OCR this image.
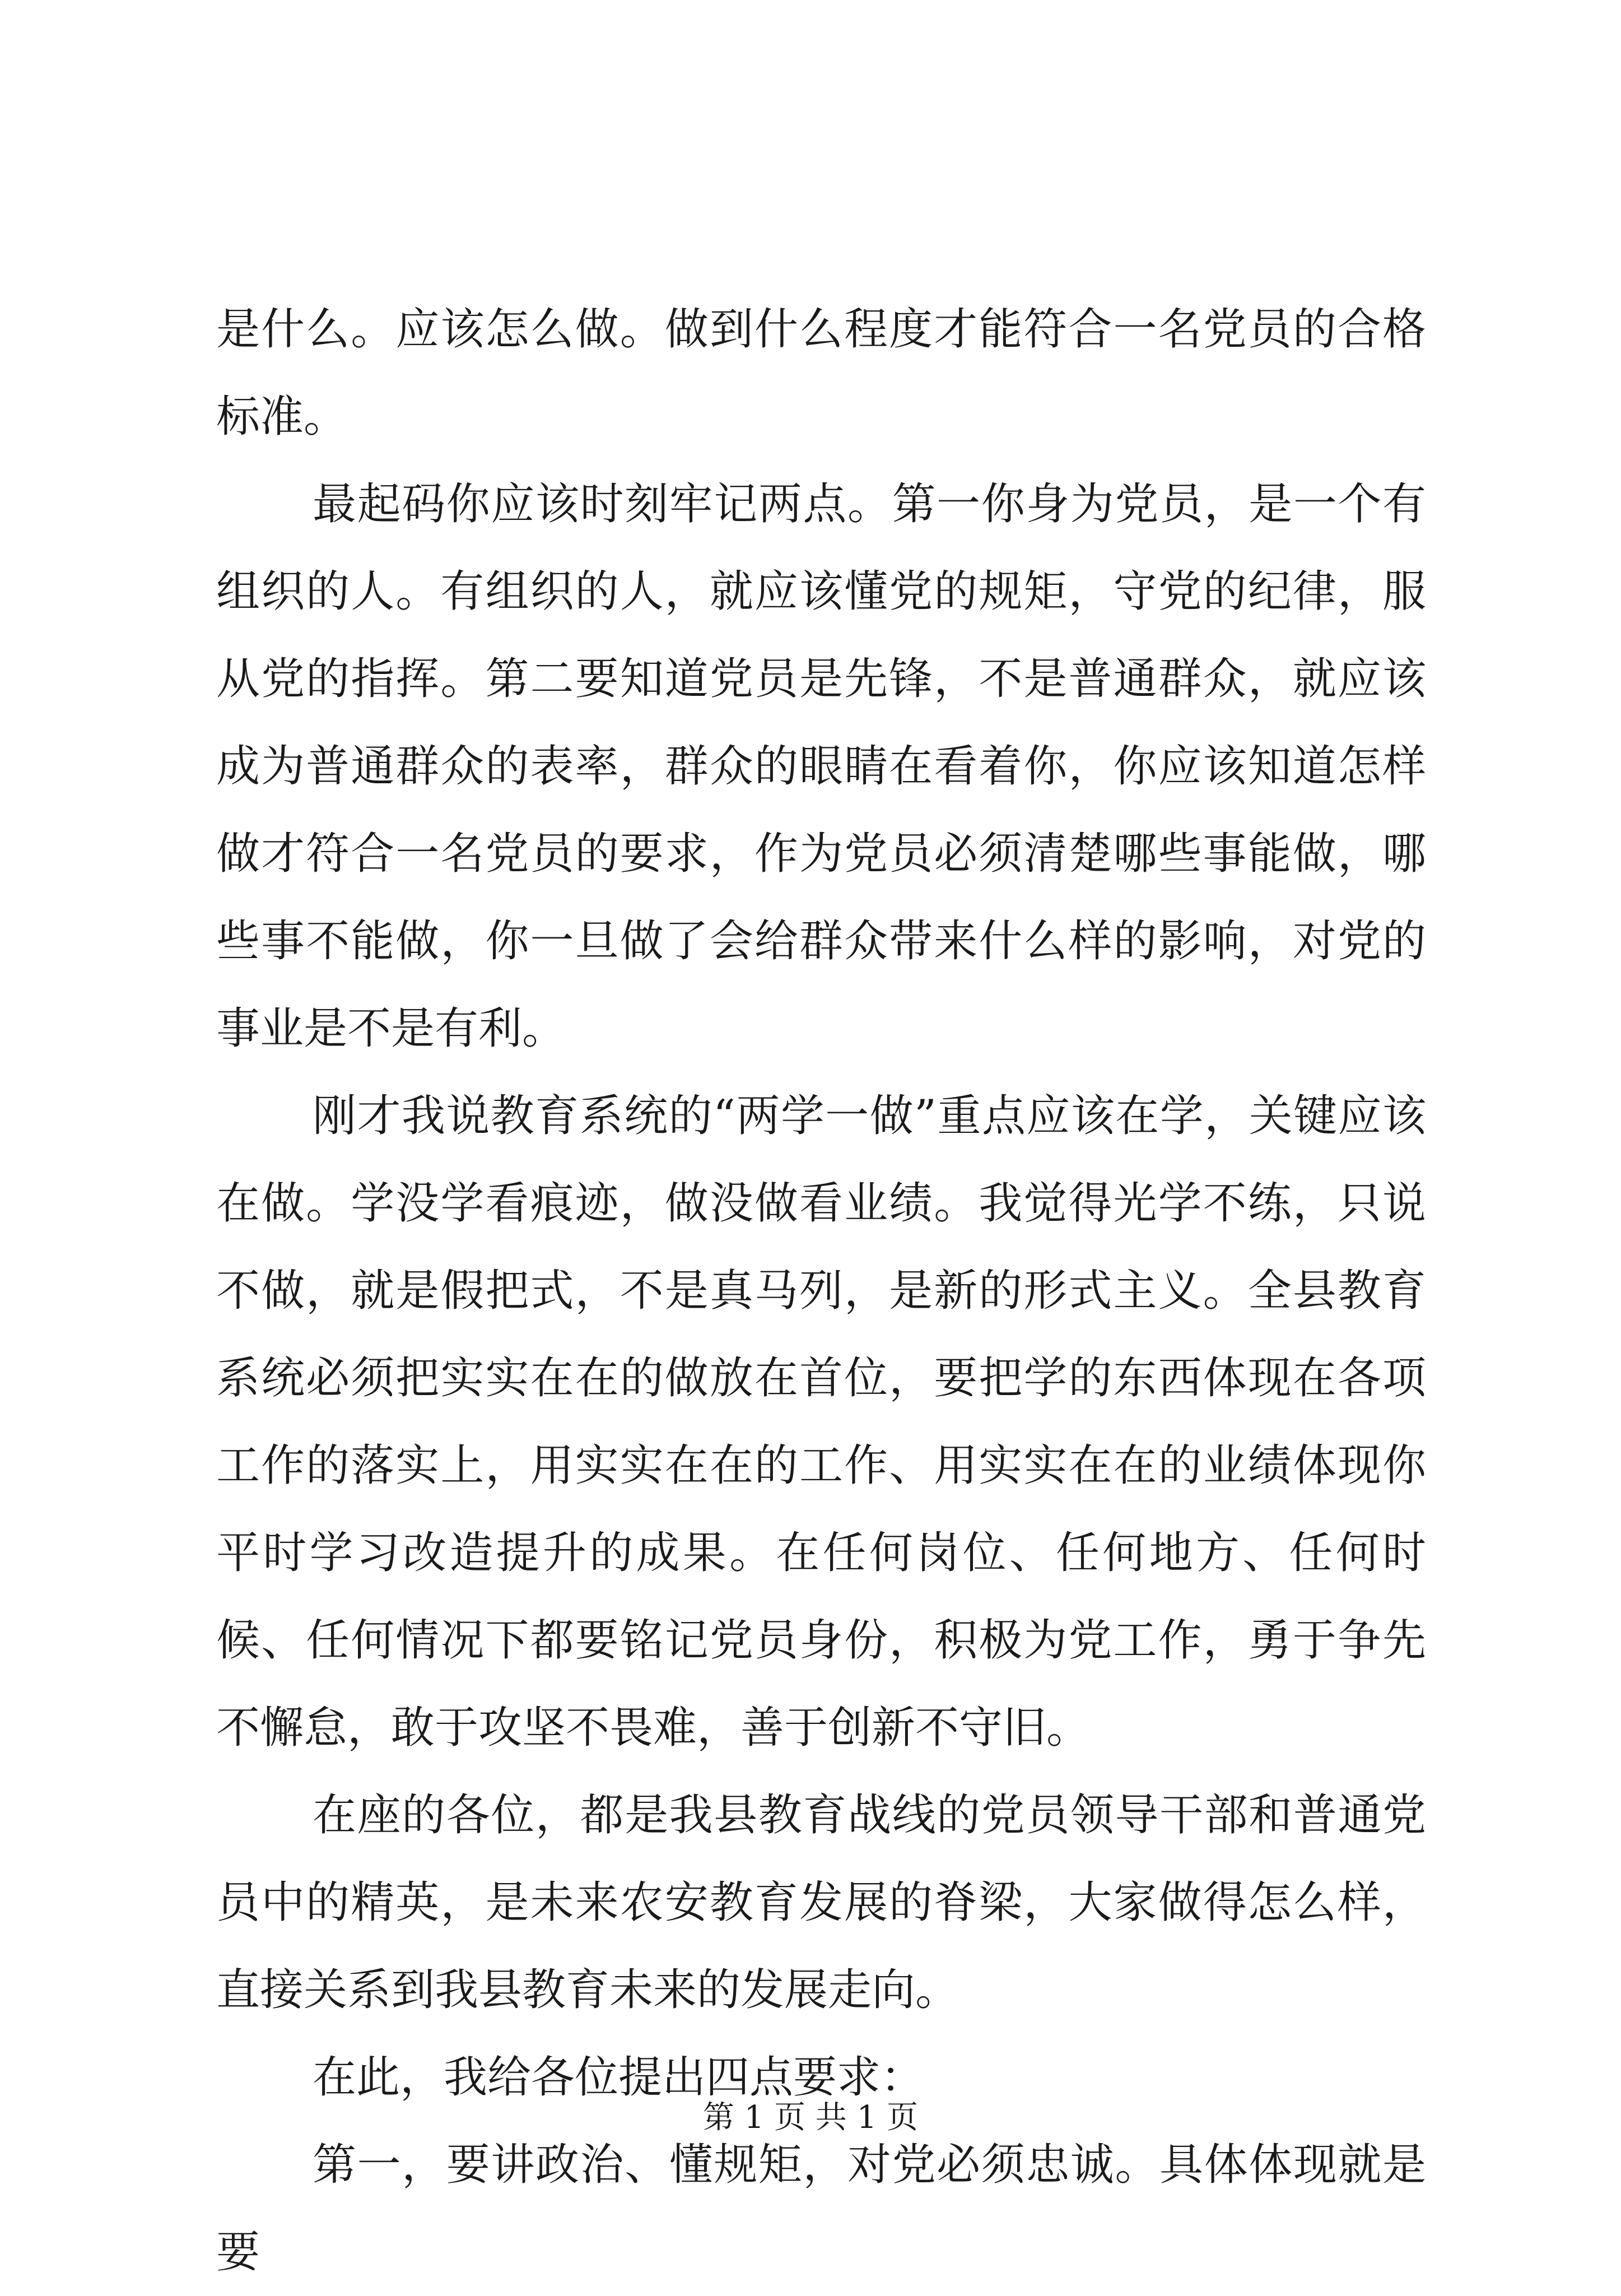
是什么。应该怎么做。做到什么程度才能符合一名党员的合格标准。

最起码你应该时刻牢记两点。第一你身为党员，是一个有组织的人。有组织的人，就应该懂党的规矩，守党的纪律，服从党的指挥。第二要知道党员是先锋，不是普通群众，就应该成为普通群众的表率，群众的眼睛在看着你，你应该知道怎样做才符合一名党员的要求，作为党员必须清楚哪些事能做，哪些事不能做，你一旦做了会给群众带来什么样的影响，对党的事业是不是有利。

刚才我说教育系统的“两学一做”重点应该在学，关键应该在做。学没学看痕迹，做没做看业绩。我觉得光学不练，只说不做，就是假把式，不是真马列，是新的形式主义。全县教育系统必须把实实在在的做放在首位，要把学的东西体现在各项工作的落实上，用实实在在的工作、用实实在在的业绩体现你平时学习改造提升的成果。在任何岗位、任何地方、任何时候、任何情况下都要铭记党员身份，积极为党工作，勇于争先不懈怠，敢于攻坚不畏难，善于创新不守旧。

在座的各位，都是我县教育战线的党员领导干部和普通党员中的精英，是未来农安教育发展的脊梁，大家做得怎么样，直接关系到我县教育未来的发展走向。

在此，我给各位提出四点要求：

第一，要讲政治、懂规矩，对党必须忠诚。具体体现就是要

第 1 页 共 1 页
